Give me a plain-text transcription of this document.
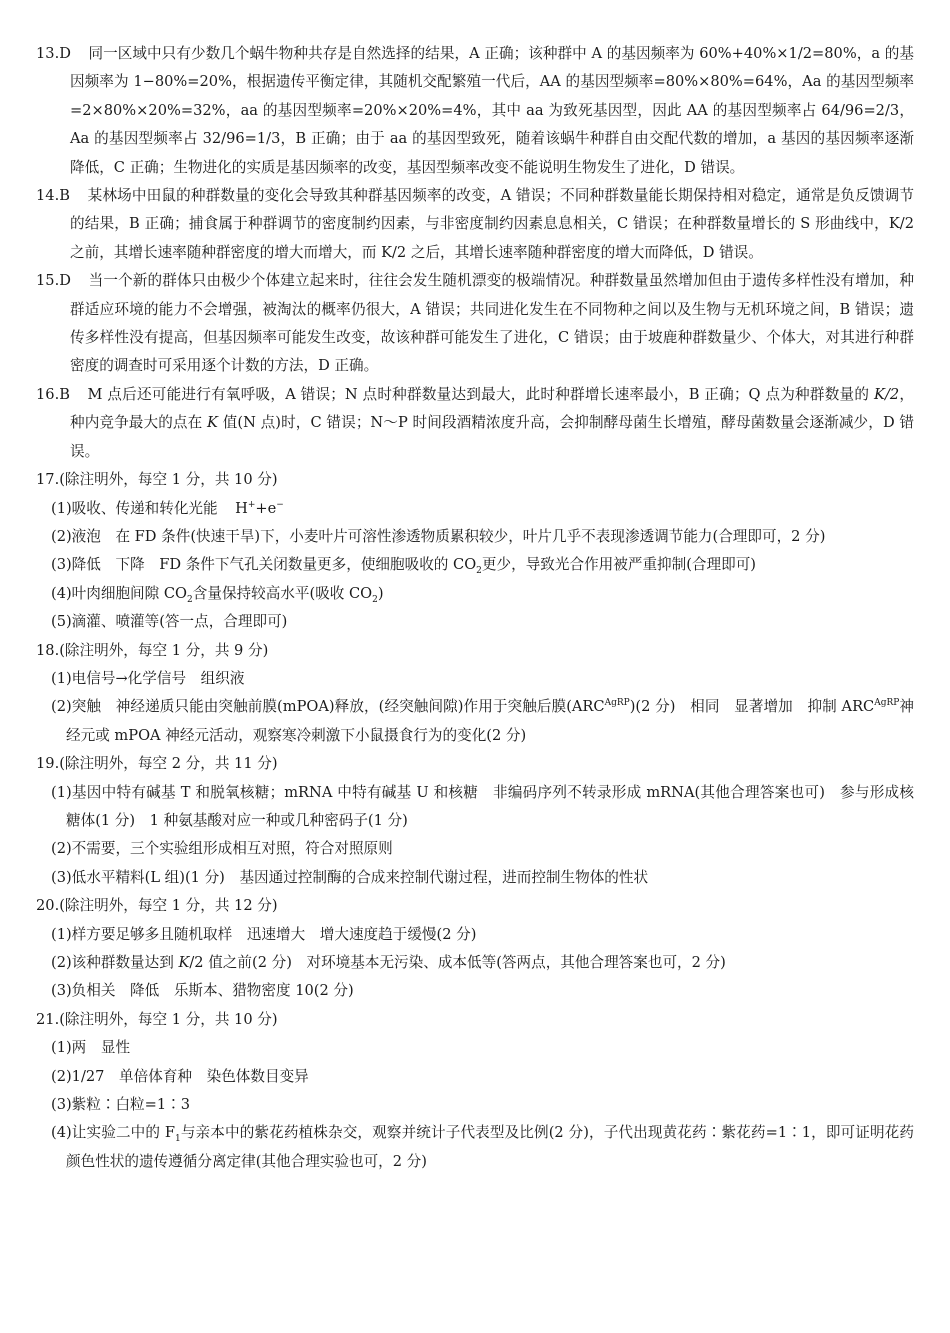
13.D 同一区域中只有少数几个蜗牛物种共存是自然选择的结果，A 正确；该种群中 A 的基因频率为 60%+40%×1/2=80%，a 的基因频率为 1−80%=20%，根据遗传平衡定律，其随机交配繁殖一代后，AA 的基因型频率=80%×80%=64%，Aa 的基因型频率=2×80%×20%=32%，aa 的基因型频率=20%×20%=4%，其中 aa 为致死基因型，因此 AA 的基因型频率占 64/96=2/3，Aa 的基因型频率占 32/96=1/3，B 正确；由于 aa 的基因型致死，随着该蜗牛种群自由交配代数的增加，a 基因的基因频率逐渐降低，C 正确；生物进化的实质是基因频率的改变，基因型频率改变不能说明生物发生了进化，D 错误。

14.B 某林场中田鼠的种群数量的变化会导致其种群基因频率的改变，A 错误；不同种群数量能长期保持相对稳定，通常是负反馈调节的结果，B 正确；捕食属于种群调节的密度制约因素，与非密度制约因素息息相关，C 错误；在种群数量增长的 S 形曲线中，K/2 之前，其增长速率随种群密度的增大而增大，而 K/2 之后，其增长速率随种群密度的增大而降低，D 错误。

15.D 当一个新的群体只由极少个体建立起来时，往往会发生随机漂变的极端情况。种群数量虽然增加但由于遗传多样性没有增加，种群适应环境的能力不会增强，被淘汰的概率仍很大，A 错误；共同进化发生在不同物种之间以及生物与无机环境之间，B 错误；遗传多样性没有提高，但基因频率可能发生改变，故该种群可能发生了进化，C 错误；由于坡鹿种群数量少、个体大，对其进行种群密度的调查时可采用逐个计数的方法，D 正确。

16.B M 点后还可能进行有氧呼吸，A 错误；N 点时种群数量达到最大，此时种群增长速率最小，B 正确；Q 点为种群数量的 K/2，种内竞争最大的点在 K 值(N 点)时，C 错误；N～P 时间段酒精浓度升高，会抑制酵母菌生长增殖，酵母菌数量会逐渐减少，D 错误。

17.(除注明外，每空 1 分，共 10 分)

(1)吸收、传递和转化光能 H++e−

(2)液泡　在 FD 条件(快速干旱)下，小麦叶片可溶性渗透物质累积较少，叶片几乎不表现渗透调节能力(合理即可，2 分)

(3)降低　下降　FD 条件下气孔关闭数量更多，使细胞吸收的 $CO_2$更少，导致光合作用被严重抑制(合理即可)

(4)叶肉细胞间隙 $CO_2$含量保持较高水平(吸收 $CO_2$)

(5)滴灌、喷灌等(答一点，合理即可)

18.(除注明外，每空 1 分，共 9 分)

(1)电信号→化学信号　组织液

(2)突触　神经递质只能由突触前膜(mPOA)释放，(经突触间隙)作用于突触后膜$(ARC^{AgRP})(2$ 分)　相同　显著增加　抑制 $ARC^{AgRP}$神经元或 mPOA 神经元活动，观察寒冷刺激下小鼠摄食行为的变化(2 分)

19.(除注明外，每空 2 分，共 11 分)

(1)基因中特有碱基 T 和脱氧核糖；mRNA 中特有碱基 U 和核糖　非编码序列不转录形成 mRNA(其他合理答案也可)　参与形成核糖体(1 分)　1 种氨基酸对应一种或几种密码子(1 分)

(2)不需要，三个实验组形成相互对照，符合对照原则

(3)低水平精料(L 组)(1 分)　基因通过控制酶的合成来控制代谢过程，进而控制生物体的性状

20.(除注明外，每空 1 分，共 12 分)

(1)样方要足够多且随机取样　迅速增大　增大速度趋于缓慢(2 分)

(2)该种群数量达到 K/2 值之前(2 分)　对环境基本无污染、成本低等(答两点，其他合理答案也可，2 分)

(3)负相关　降低　乐斯本、猎物密度 10(2 分)

21.(除注明外，每空 1 分，共 10 分)

(1)两　显性

(2)1/27　单倍体育种　染色体数目变异

(3)紫粒∶白粒=1∶3

(4)让实验二中的 $F_1$与亲本中的紫花药植株杂交，观察并统计子代表型及比例(2 分)，子代出现黄花药∶紫花药=1∶1，即可证明花药颜色性状的遗传遵循分离定律(其他合理实验也可，2 分)
